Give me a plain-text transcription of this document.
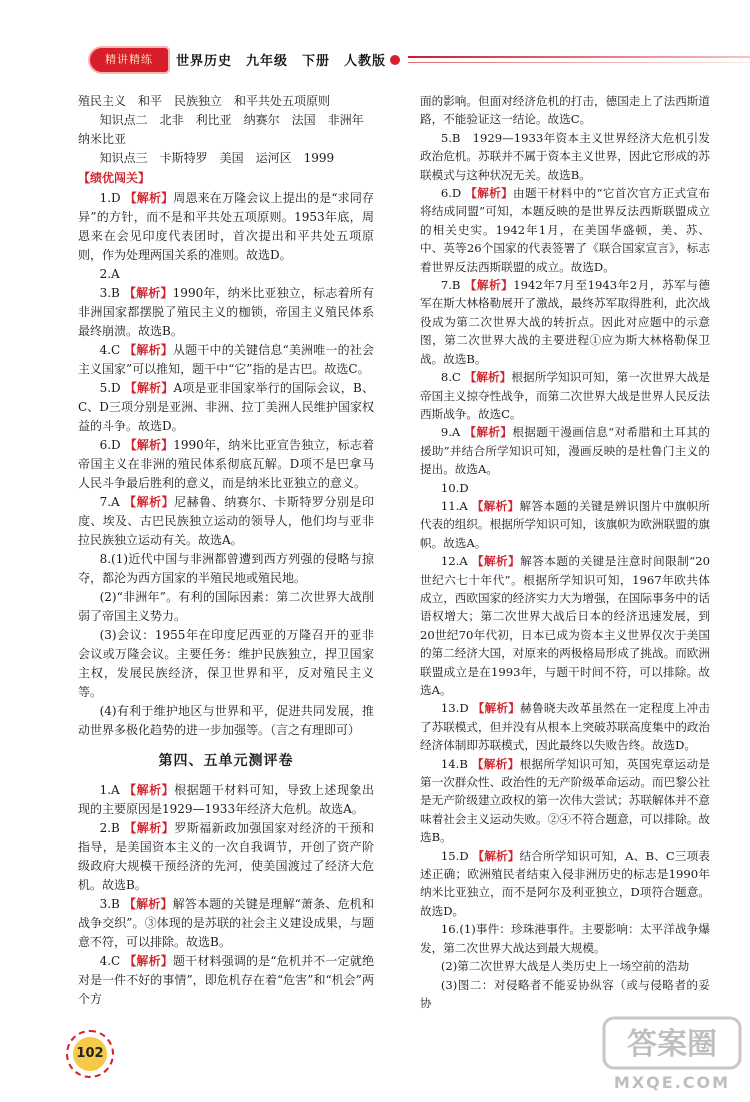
精讲精练	世界历史　九年级　下册　人教版

殖民主义　和平　民族独立　和平共处五项原则

知识点二　北非　利比亚　纳赛尔　法国　非洲年　

纳米比亚

知识点三　卡斯特罗　美国　运河区　1999

【绩优闯关】

1.D 【解析】周恩来在万隆会议上提出的是“求同存异”的方针，而不是和平共处五项原则。1953年底，周恩来在会见印度代表团时，首次提出和平共处五项原则，作为处理两国关系的准则。故选D。

2.A

3.B 【解析】1990年，纳米比亚独立，标志着所有非洲国家都摆脱了殖民主义的枷锁，帝国主义殖民体系最终崩溃。故选B。

4.C 【解析】从题干中的关键信息“美洲唯一的社会主义国家”可以推知，题干中“它”指的是古巴。故选C。

5.D 【解析】A项是亚非国家举行的国际会议，B、C、D三项分别是亚洲、非洲、拉丁美洲人民维护国家权益的斗争。故选D。

6.D 【解析】1990年，纳米比亚宣告独立，标志着帝国主义在非洲的殖民体系彻底瓦解。D项不是巴拿马人民斗争最后胜利的意义，而是纳米比亚独立的意义。

7.A 【解析】尼赫鲁、纳赛尔、卡斯特罗分别是印度、埃及、古巴民族独立运动的领导人，他们均与亚非拉民族独立运动有关。故选A。

8.(1)近代中国与非洲都曾遭到西方列强的侵略与掠夺，都沦为西方国家的半殖民地或殖民地。

(2)“非洲年”。有利的国际因素：第二次世界大战削弱了帝国主义势力。

(3)会议：1955年在印度尼西亚的万隆召开的亚非会议或万隆会议。主要任务：维护民族独立，捍卫国家主权，发展民族经济，保卫世界和平，反对殖民主义等。

(4)有利于维护地区与世界和平，促进共同发展，推动世界多极化趋势的进一步加强等。（言之有理即可）

第四、五单元测评卷

1.A 【解析】根据题干材料可知，导致上述现象出现的主要原因是1929—1933年经济大危机。故选A。

2.B 【解析】罗斯福新政加强国家对经济的干预和指导，是美国资本主义的一次自我调节，开创了资产阶级政府大规模干预经济的先河，使美国渡过了经济大危机。故选B。

3.B 【解析】解答本题的关键是理解“萧条、危机和战争交织”。③体现的是苏联的社会主义建设成果，与题意不符，可以排除。故选B。

4.C 【解析】题干材料强调的是“危机并不一定就绝对是一件不好的事情”，即危机存在着“危害”和“机会”两个方

面的影响。但面对经济危机的打击，德国走上了法西斯道路，不能验证这一结论。故选C。

5.B　1929—1933年资本主义世界经济大危机引发政治危机。苏联并不属于资本主义世界，因此它形成的苏联模式与这种状况无关。故选B。

6.D 【解析】由题干材料中的“它首次官方正式宣布将结成同盟”可知，本题反映的是世界反法西斯联盟成立的相关史实。1942年1月，在美国华盛顿，美、苏、中、英等26个国家的代表签署了《联合国家宣言》，标志着世界反法西斯联盟的成立。故选D。

7.B 【解析】1942年7月至1943年2月，苏军与德军在斯大林格勒展开了激战，最终苏军取得胜利，此次战役成为第二次世界大战的转折点。因此对应题中的示意图，第二次世界大战的主要进程①应为斯大林格勒保卫战。故选B。

8.C 【解析】根据所学知识可知，第一次世界大战是帝国主义掠夺性战争，而第二次世界大战是世界人民反法西斯战争。故选C。

9.A 【解析】根据题干漫画信息“对希腊和土耳其的援助”并结合所学知识可知，漫画反映的是杜鲁门主义的提出。故选A。

10.D

11.A 【解析】解答本题的关键是辨识图片中旗帜所代表的组织。根据所学知识可知，该旗帜为欧洲联盟的旗帜。故选A。

12.A 【解析】解答本题的关键是注意时间限制“20世纪六七十年代”。根据所学知识可知，1967年欧共体成立，西欧国家的经济实力大为增强，在国际事务中的话语权增大；第二次世界大战后日本的经济迅速发展，到20世纪70年代初，日本已成为资本主义世界仅次于美国的第二经济大国，对原来的两极格局形成了挑战。而欧洲联盟成立是在1993年，与题干时间不符，可以排除。故选A。

13.D 【解析】赫鲁晓夫改革虽然在一定程度上冲击了苏联模式，但并没有从根本上突破苏联高度集中的政治经济体制即苏联模式，因此最终以失败告终。故选D。

14.B 【解析】根据所学知识可知，英国宪章运动是第一次群众性、政治性的无产阶级革命运动。而巴黎公社是无产阶级建立政权的第一次伟大尝试；苏联解体并不意味着社会主义运动失败。②④不符合题意，可以排除。故选B。

15.D 【解析】结合所学知识可知，A、B、C三项表述正确；欧洲殖民者结束入侵非洲历史的标志是1990年纳米比亚独立，而不是阿尔及利亚独立，D项符合题意。故选D。

16.(1)事件：珍珠港事件。主要影响：太平洋战争爆发，第二次世界大战达到最大规模。

(2)第二次世界大战是人类历史上一场空前的浩劫

(3)图二：对侵略者不能妥协纵容（或与侵略者的妥协

102	答案圈
MXQE.COM
